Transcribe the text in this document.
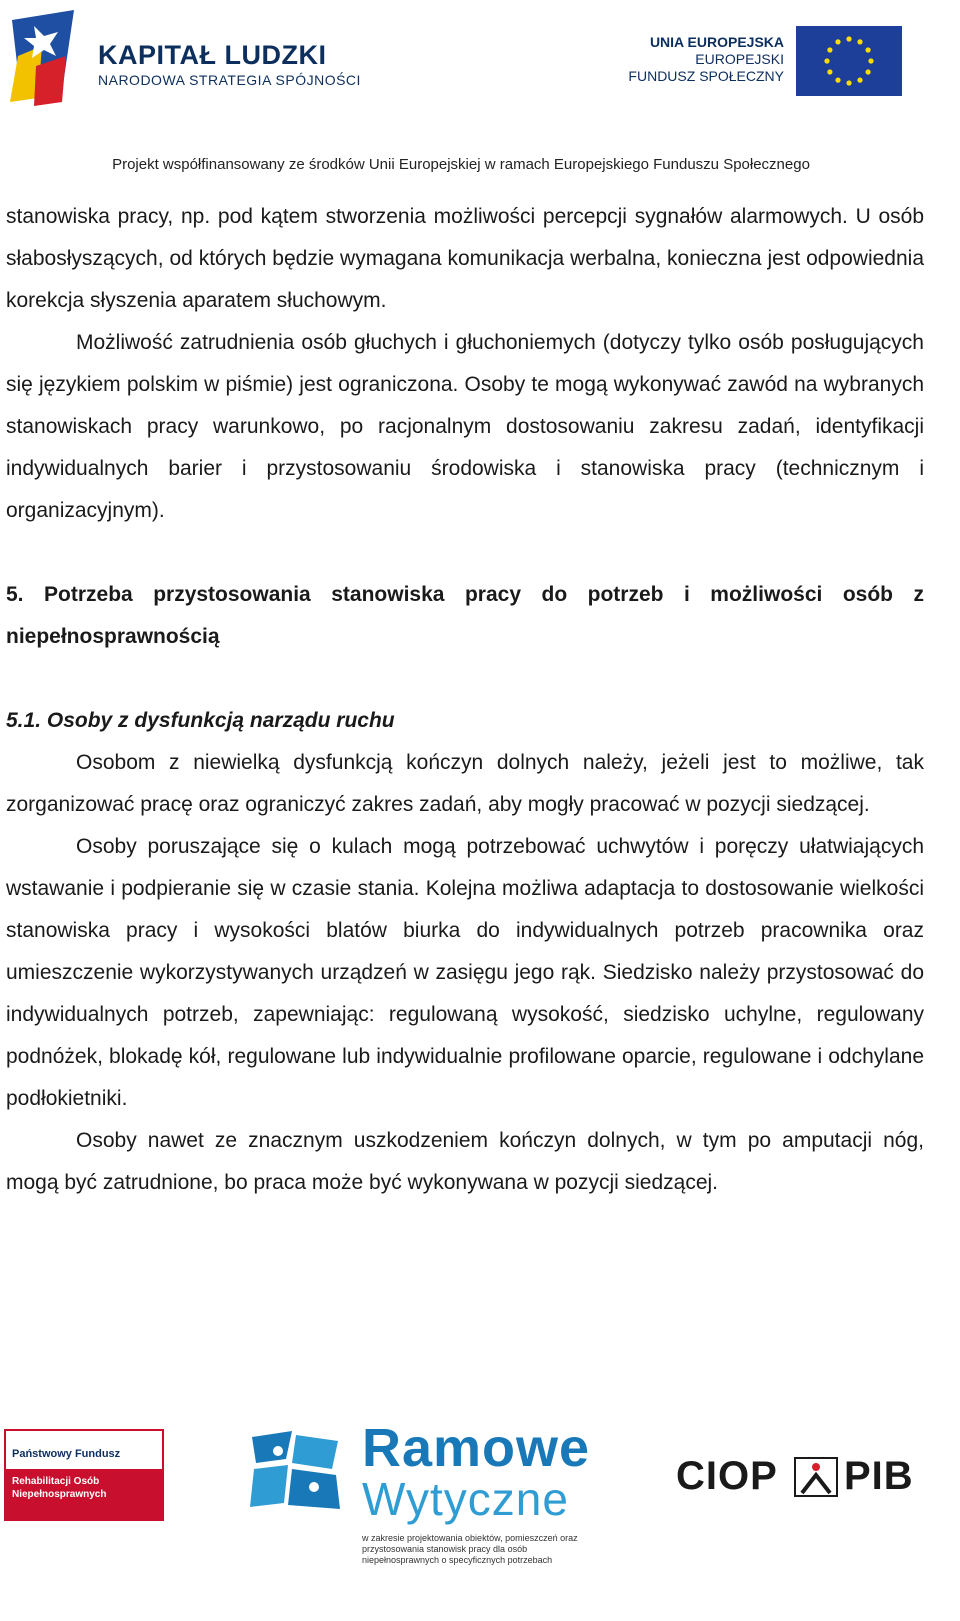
KAPITAŁ LUDZKI
NARODOWA STRATEGIA SPÓJNOŚCI
UNIA EUROPEJSKA
EUROPEJSKI
FUNDUSZ SPOŁECZNY
Projekt współfinansowany ze środków Unii Europejskiej w ramach Europejskiego Funduszu Społecznego

stanowiska pracy, np. pod kątem stworzenia możliwości percepcji sygnałów alarmowych. U osób słabosłyszących, od których będzie wymagana komunikacja werbalna, konieczna jest odpowiednia korekcja słyszenia aparatem słuchowym.

Możliwość zatrudnienia osób głuchych i głuchoniemych (dotyczy tylko osób posługujących się językiem polskim w piśmie) jest ograniczona. Osoby te mogą wykonywać zawód na wybranych stanowiskach pracy warunkowo, po racjonalnym dostosowaniu zakresu zadań, identyfikacji indywidualnych barier i przystosowaniu środowiska i stanowiska pracy (technicznym i organizacyjnym).

5. Potrzeba przystosowania stanowiska pracy do potrzeb i możliwości osób z niepełnosprawnością
5.1. Osoby z dysfunkcją narządu ruchu

Osobom z niewielką dysfunkcją kończyn dolnych należy, jeżeli jest to możliwe, tak zorganizować pracę oraz ograniczyć zakres zadań, aby mogły pracować w pozycji siedzącej.

Osoby poruszające się o kulach mogą potrzebować uchwytów i poręczy ułatwiających wstawanie i podpieranie się w czasie stania. Kolejna możliwa adaptacja to dostosowanie wielkości stanowiska pracy i wysokości blatów biurka do indywidualnych potrzeb pracownika oraz umieszczenie wykorzystywanych urządzeń w zasięgu jego rąk. Siedzisko należy przystosować do indywidualnych potrzeb, zapewniając: regulowaną wysokość, siedzisko uchylne, regulowany podnóżek, blokadę kół, regulowane lub indywidualnie profilowane oparcie, regulowane i odchylane podłokietniki.

Osoby nawet ze znacznym uszkodzeniem kończyn dolnych, w tym po amputacji nóg, mogą być zatrudnione, bo praca może być wykonywana w pozycji siedzącej.

Państwowy Fundusz
Rehabilitacji Osób
Niepełnosprawnych
Ramowe
Wytyczne
w zakresie projektowania obiektów, pomieszczeń oraz przystosowania stanowisk pracy dla osób niepełnosprawnych o specyficznych potrzebach
CIOP PIB
